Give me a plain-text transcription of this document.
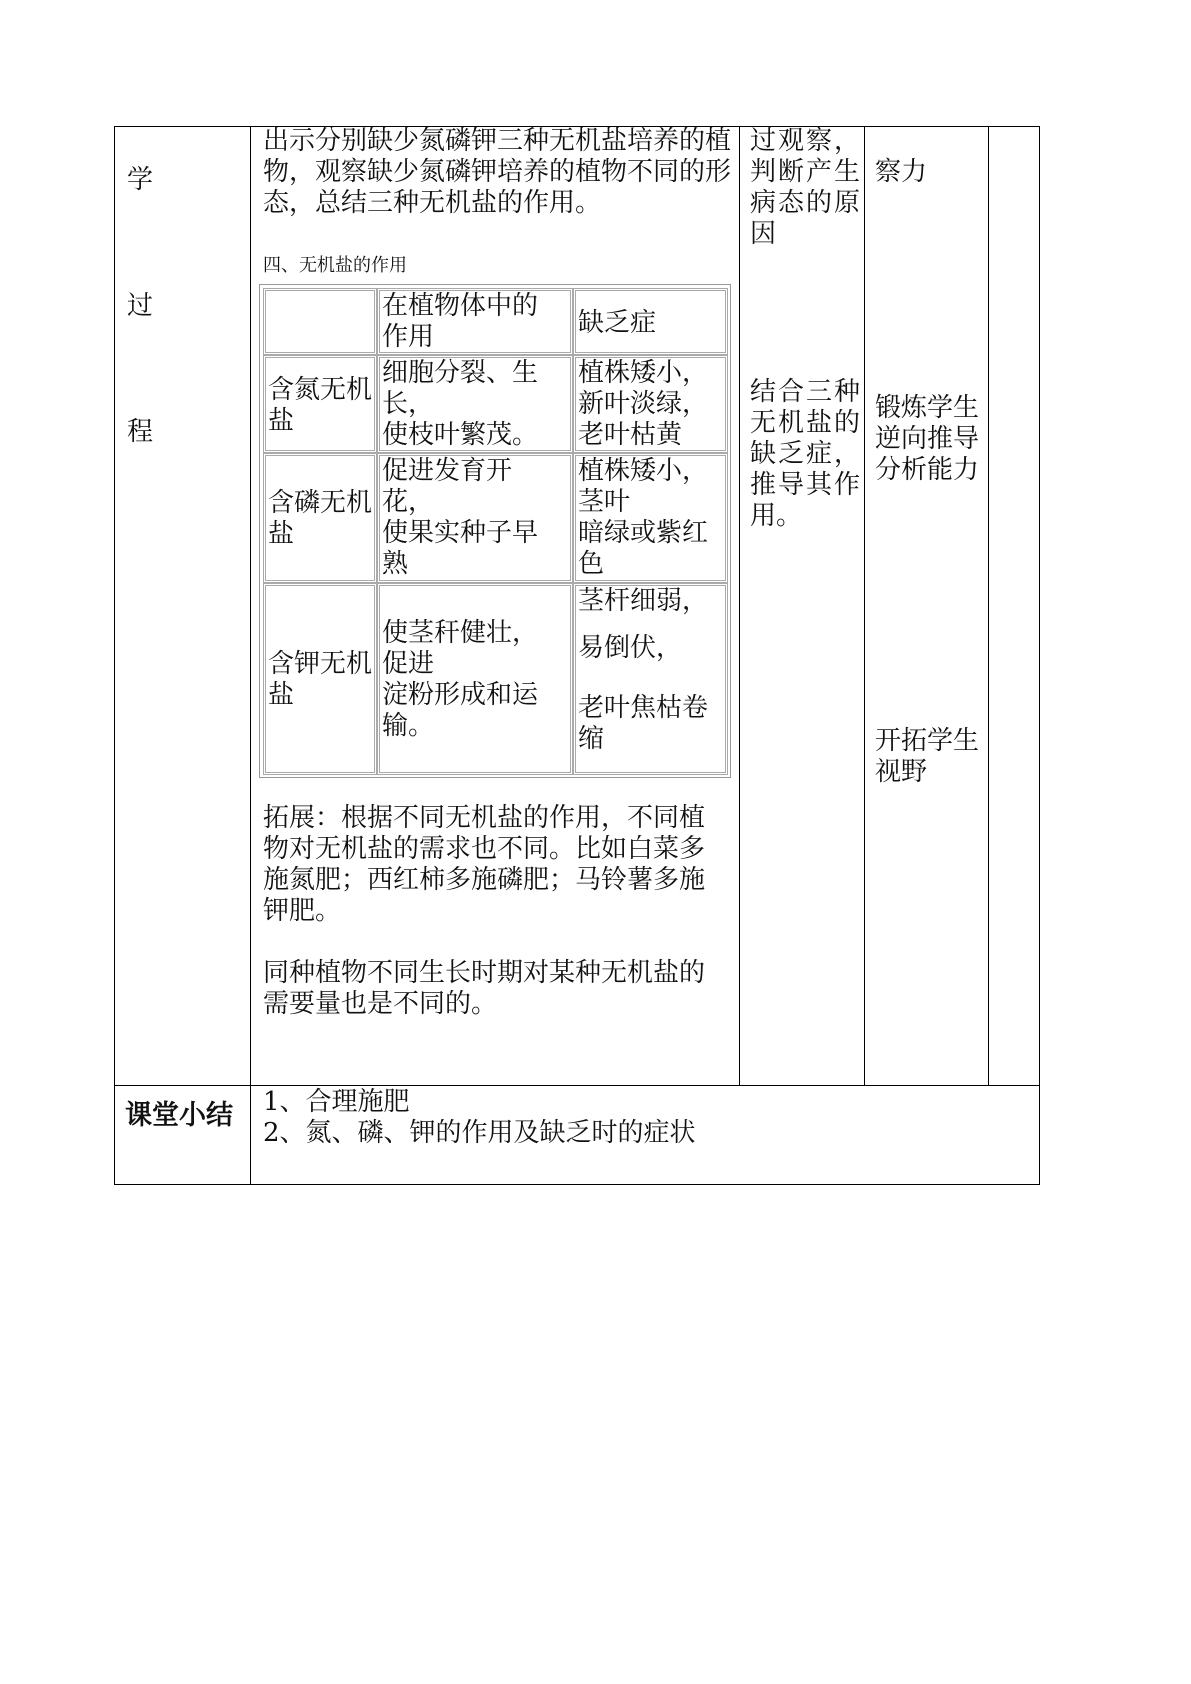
学
过
程
出示分别缺少氮磷钾三种无机盐培养的植物，观察缺少氮磷钾培养的植物不同的形态，总结三种无机盐的作用。
四、无机盐的作用
在植物体中的作用	缺乏症
含氮无机盐
细胞分裂、生长，
使枝叶繁茂。
植株矮小，
新叶淡绿，
老叶枯黄
含磷无机盐
促进发育开花，
使果实种子早熟
植株矮小，茎叶
暗绿或紫红色
含钾无机盐
使茎秆健壮，促进
淀粉形成和运输。
茎杆细弱，
易倒伏，
老叶焦枯卷缩
拓展：根据不同无机盐的作用，不同植物对无机盐的需求也不同。比如白菜多施氮肥；西红柿多施磷肥；马铃薯多施钾肥。
同种植物不同生长时期对某种无机盐的需要量也是不同的。
过观察，判断产生病态的原因
结合三种无机盐的缺乏症，推导其作用。
察力
锻炼学生逆向推导分析能力
开拓学生视野
课堂小结 1、合理施肥
2、氮、磷、钾的作用及缺乏时的症状
